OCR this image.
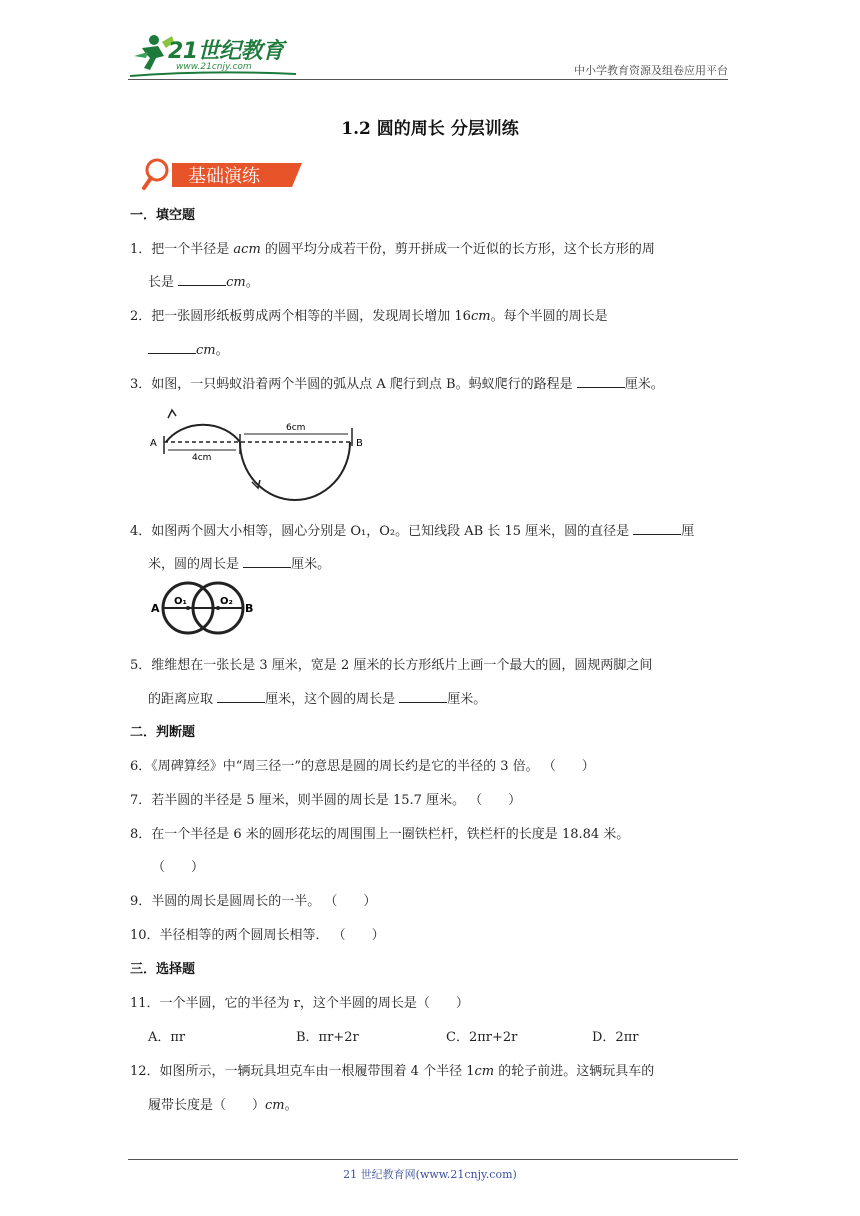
21世纪教育
www.21cnjy.com	中小学教育资源及组卷应用平台
1.2 圆的周长 分层训练
基础演练
一．填空题
1．把一个半径是 acm 的圆平均分成若干份，剪开拼成一个近似的长方形，这个长方形的周
长是	cm。
2．把一张圆形纸板剪成两个相等的半圆，发现周长增加 16cm。每个半圆的周长是
cm。
3．如图，一只蚂蚁沿着两个半圆的弧从点 A 爬行到点 B。蚂蚁爬行的路程是	厘米。
A	B
4cm
6cm
4．如图两个圆大小相等，圆心分别是 O₁，O₂。已知线段 AB 长 15 厘米，圆的直径是	厘
米，圆的周长是	厘米。
A	B
O₁	O₂
5．维维想在一张长是 3 厘米，宽是 2 厘米的长方形纸片上画一个最大的圆，圆规两脚之间
的距离应取	厘米，这个圆的周长是	厘米。
二．判断题
6．《周碑算经》中“周三径一”的意思是圆的周长约是它的半径的 3 倍。 （　　）
7．若半圆的半径是 5 厘米，则半圆的周长是 15.7 厘米。 （　　）
8．在一个半径是 6 米的圆形花坛的周围围上一圈铁栏杆，铁栏杆的长度是 18.84 米。
（　　）
9．半圆的周长是圆周长的一半。 （　　）
10．半径相等的两个圆周长相等． （　　）
三．选择题
11．一个半圆，它的半径为 r，这个半圆的周长是（　　）
A．πr	B．πr+2r	C．2πr+2r	D．2πr
12．如图所示，一辆玩具坦克车由一根履带围着 4 个半径 1cm 的轮子前进。这辆玩具车的
履带长度是（　　）cm。
21 世纪教育网(www.21cnjy.com)
